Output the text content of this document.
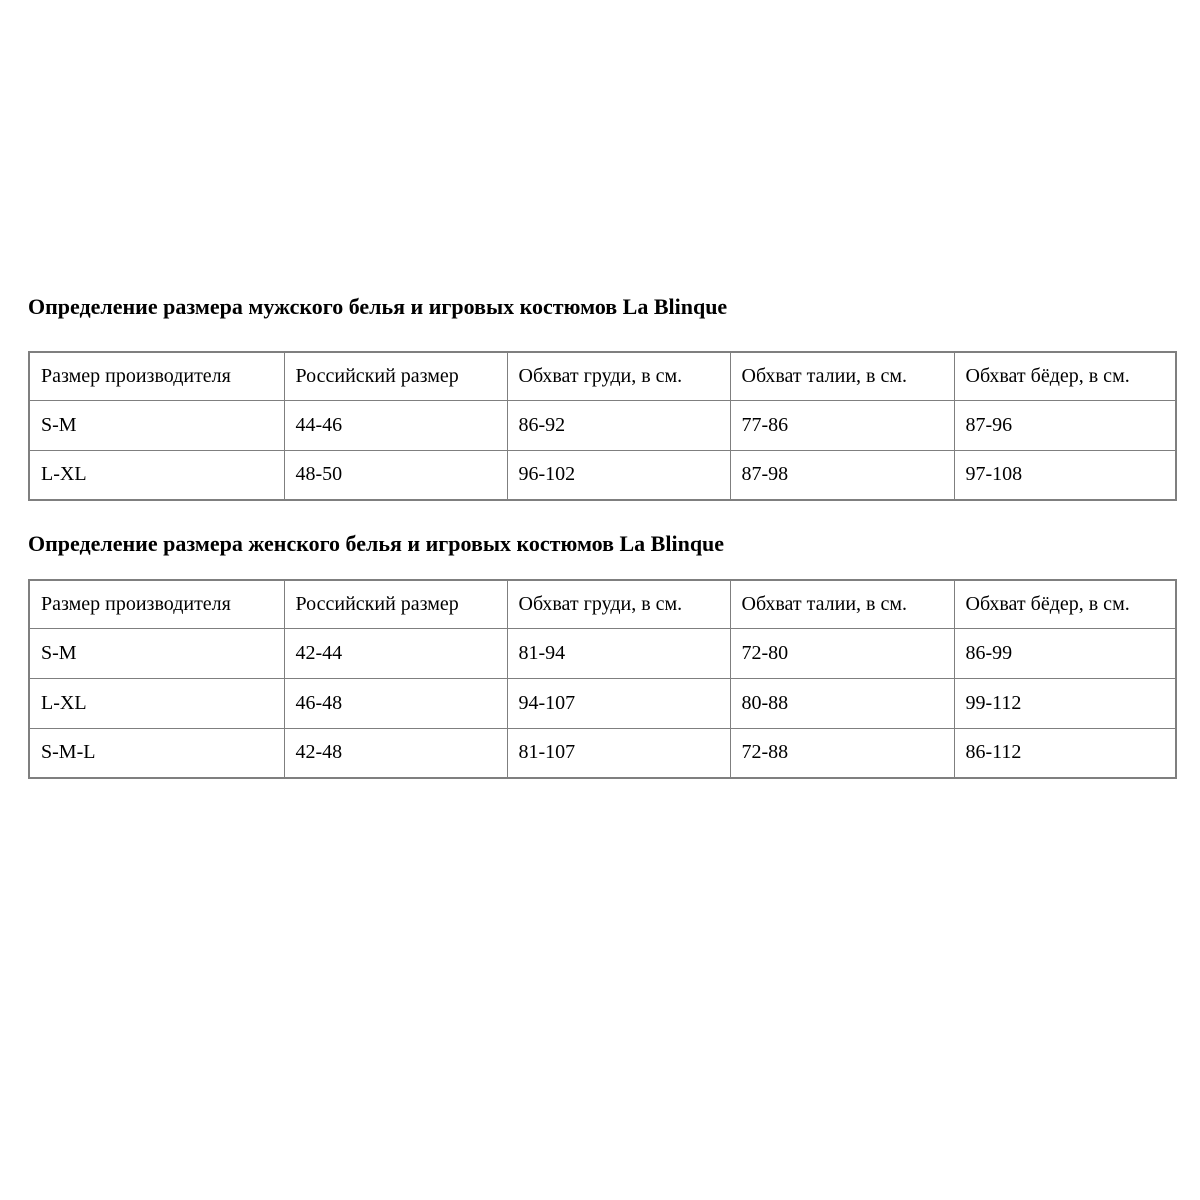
Определение размера мужского белья и игровых костюмов La Blinque
Размер производителя	Российский размер	Обхват груди, в см.	Обхват талии, в см.	Обхват бёдер, в см.
S-M	44-46	86-92	77-86	87-96
L-XL	48-50	96-102	87-98	97-108
Определение размера женского белья и игровых костюмов La Blinque
Размер производителя	Российский размер	Обхват груди, в см.	Обхват талии, в см.	Обхват бёдер, в см.
S-M	42-44	81-94	72-80	86-99
L-XL	46-48	94-107	80-88	99-112
S-M-L	42-48	81-107	72-88	86-112
